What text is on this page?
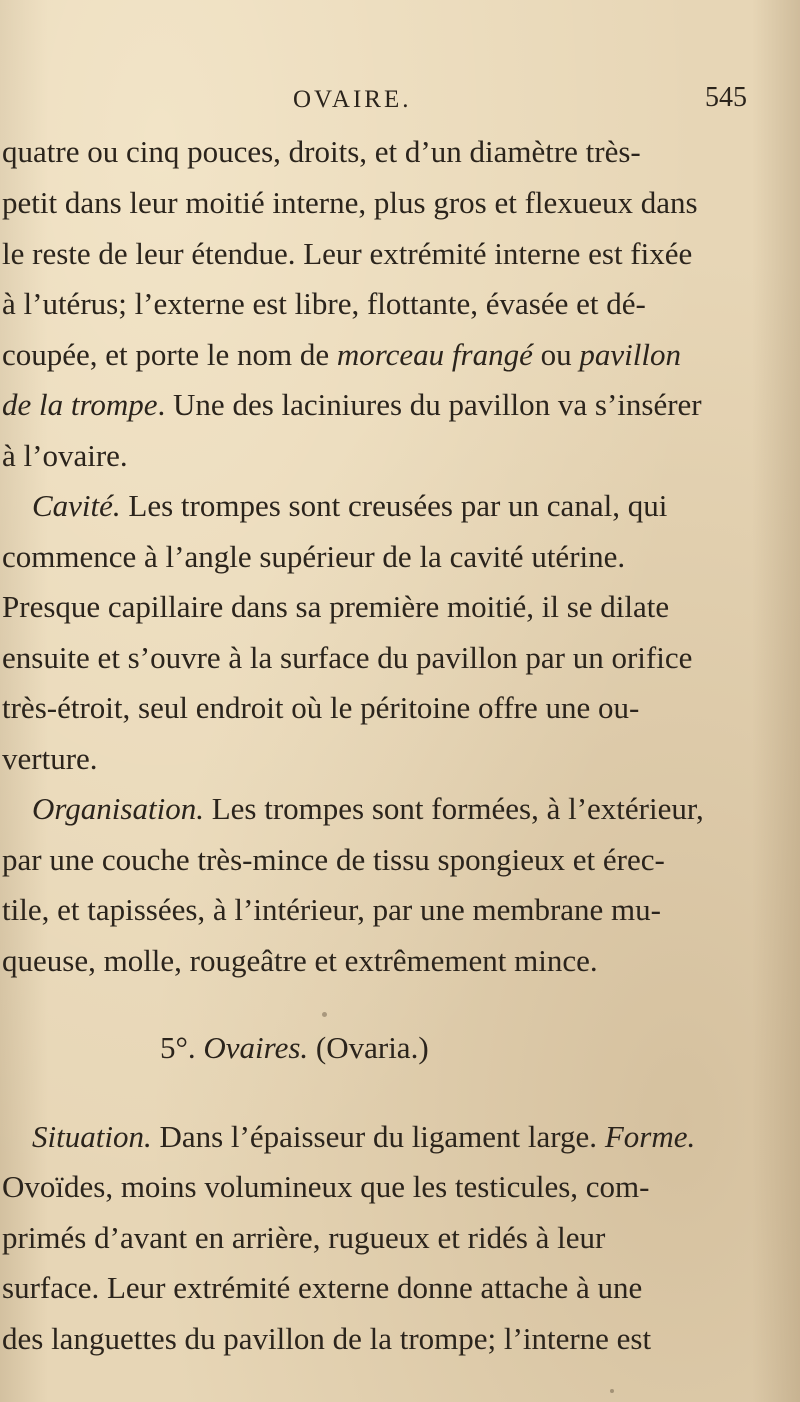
OVAIRE.	545
quatre ou cinq pouces, droits, et d’un diamètre très-
petit dans leur moitié interne, plus gros et flexueux dans
le reste de leur étendue. Leur extrémité interne est fixée
à l’utérus; l’externe est libre, flottante, évasée et dé-
coupée, et porte le nom de morceau frangé ou pavillon
de la trompe. Une des laciniures du pavillon va s’insérer
à l’ovaire.
Cavité. Les trompes sont creusées par un canal, qui
commence à l’angle supérieur de la cavité utérine.
Presque capillaire dans sa première moitié, il se dilate
ensuite et s’ouvre à la surface du pavillon par un orifice
très-étroit, seul endroit où le péritoine offre une ou-
verture.
Organisation. Les trompes sont formées, à l’extérieur,
par une couche très-mince de tissu spongieux et érec-
tile, et tapissées, à l’intérieur, par une membrane mu-
queuse, molle, rougeâtre et extrêmement mince.
5°. Ovaires. (Ovaria.)
Situation. Dans l’épaisseur du ligament large. Forme.
Ovoïdes, moins volumineux que les testicules, com-
primés d’avant en arrière, rugueux et ridés à leur
surface. Leur extrémité externe donne attache à une
des languettes du pavillon de la trompe; l’interne est
